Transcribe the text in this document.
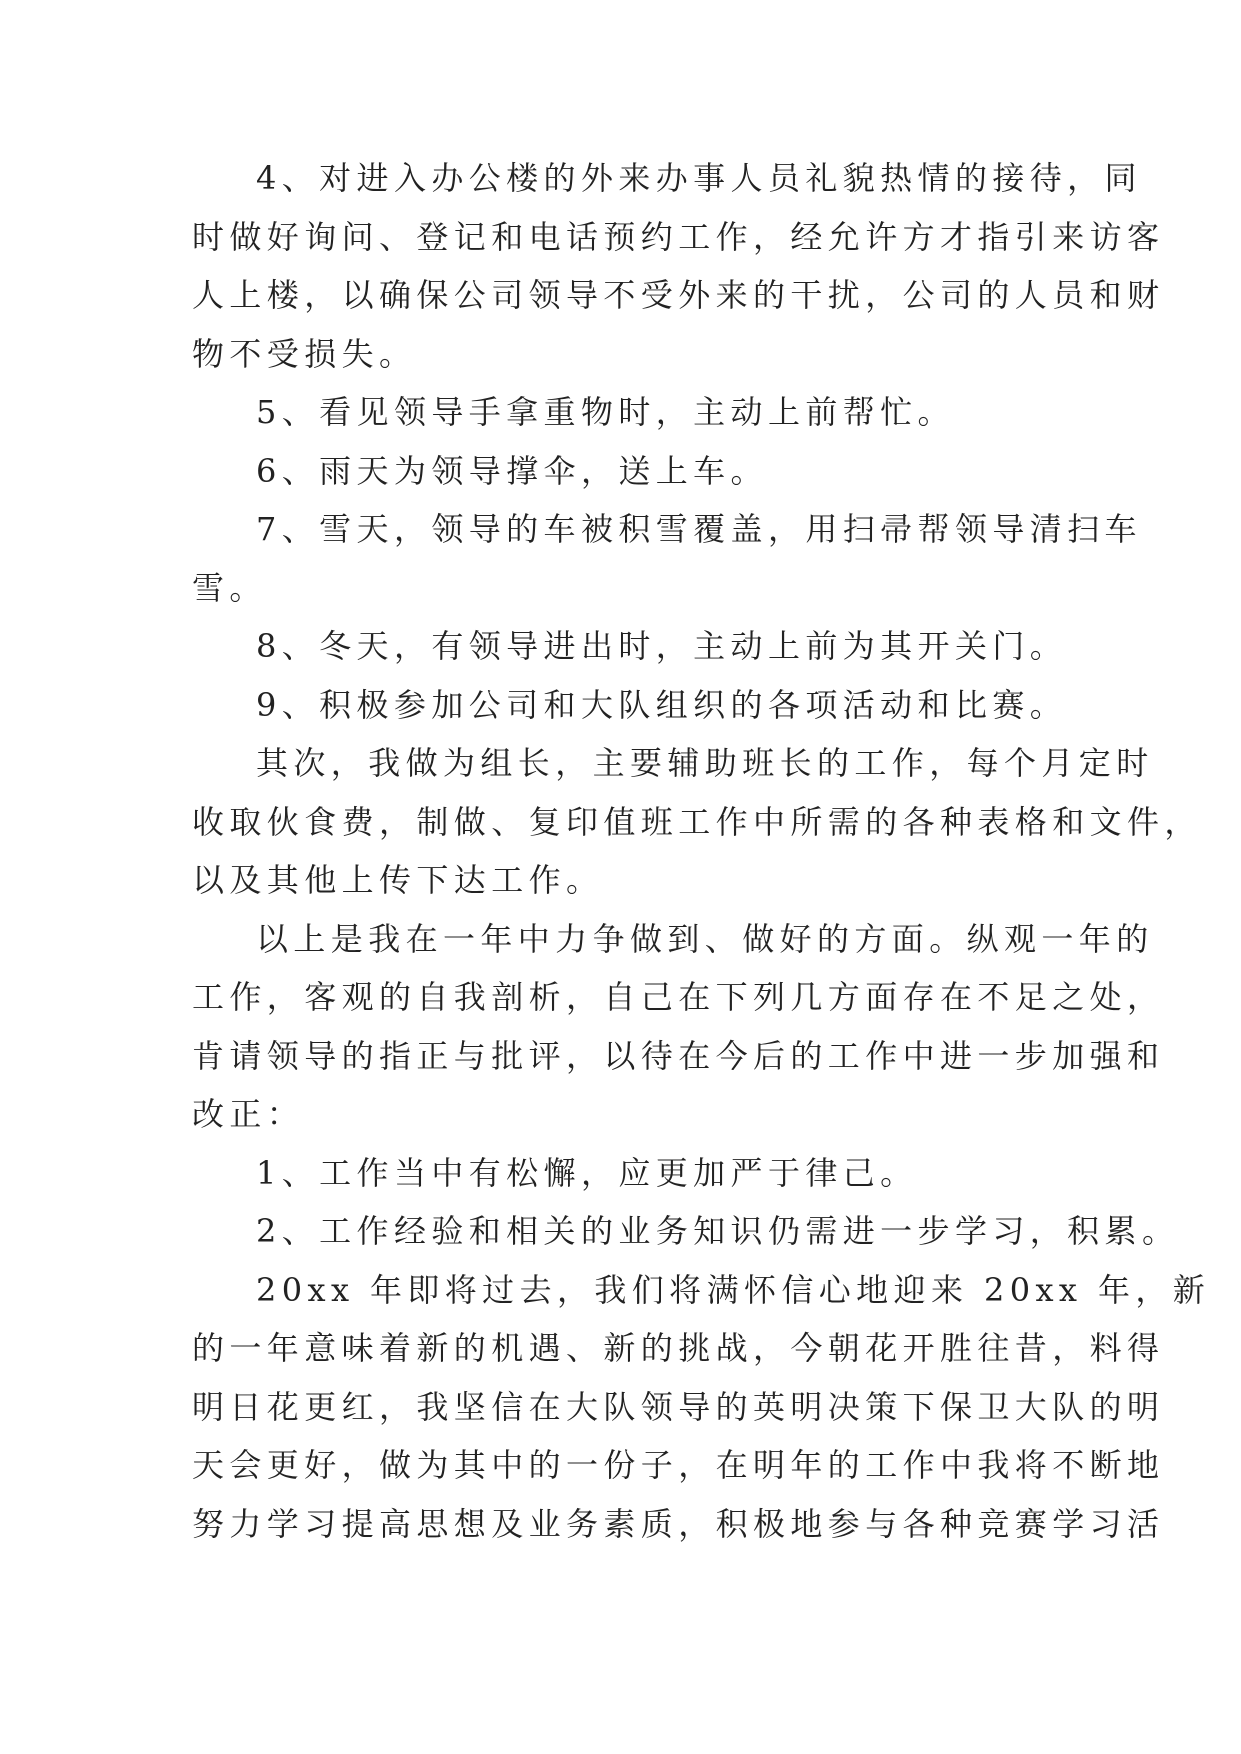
4、对进入办公楼的外来办事人员礼貌热情的接待，同
时做好询问、登记和电话预约工作，经允许方才指引来访客
人上楼，以确保公司领导不受外来的干扰，公司的人员和财
物不受损失。

5、看见领导手拿重物时，主动上前帮忙。

6、雨天为领导撑伞，送上车。

7、雪天，领导的车被积雪覆盖，用扫帚帮领导清扫车
雪。

8、冬天，有领导进出时，主动上前为其开关门。

9、积极参加公司和大队组织的各项活动和比赛。

其次，我做为组长，主要辅助班长的工作，每个月定时
收取伙食费，制做、复印值班工作中所需的各种表格和文件，
以及其他上传下达工作。

以上是我在一年中力争做到、做好的方面。纵观一年的
工作，客观的自我剖析，自己在下列几方面存在不足之处，
肯请领导的指正与批评，以待在今后的工作中进一步加强和
改正：

1、工作当中有松懈，应更加严于律己。

2、工作经验和相关的业务知识仍需进一步学习，积累。

20xx 年即将过去，我们将满怀信心地迎来 20xx 年，新
的一年意味着新的机遇、新的挑战，今朝花开胜往昔，料得
明日花更红，我坚信在大队领导的英明决策下保卫大队的明
天会更好，做为其中的一份子，在明年的工作中我将不断地
努力学习提高思想及业务素质，积极地参与各种竞赛学习活
